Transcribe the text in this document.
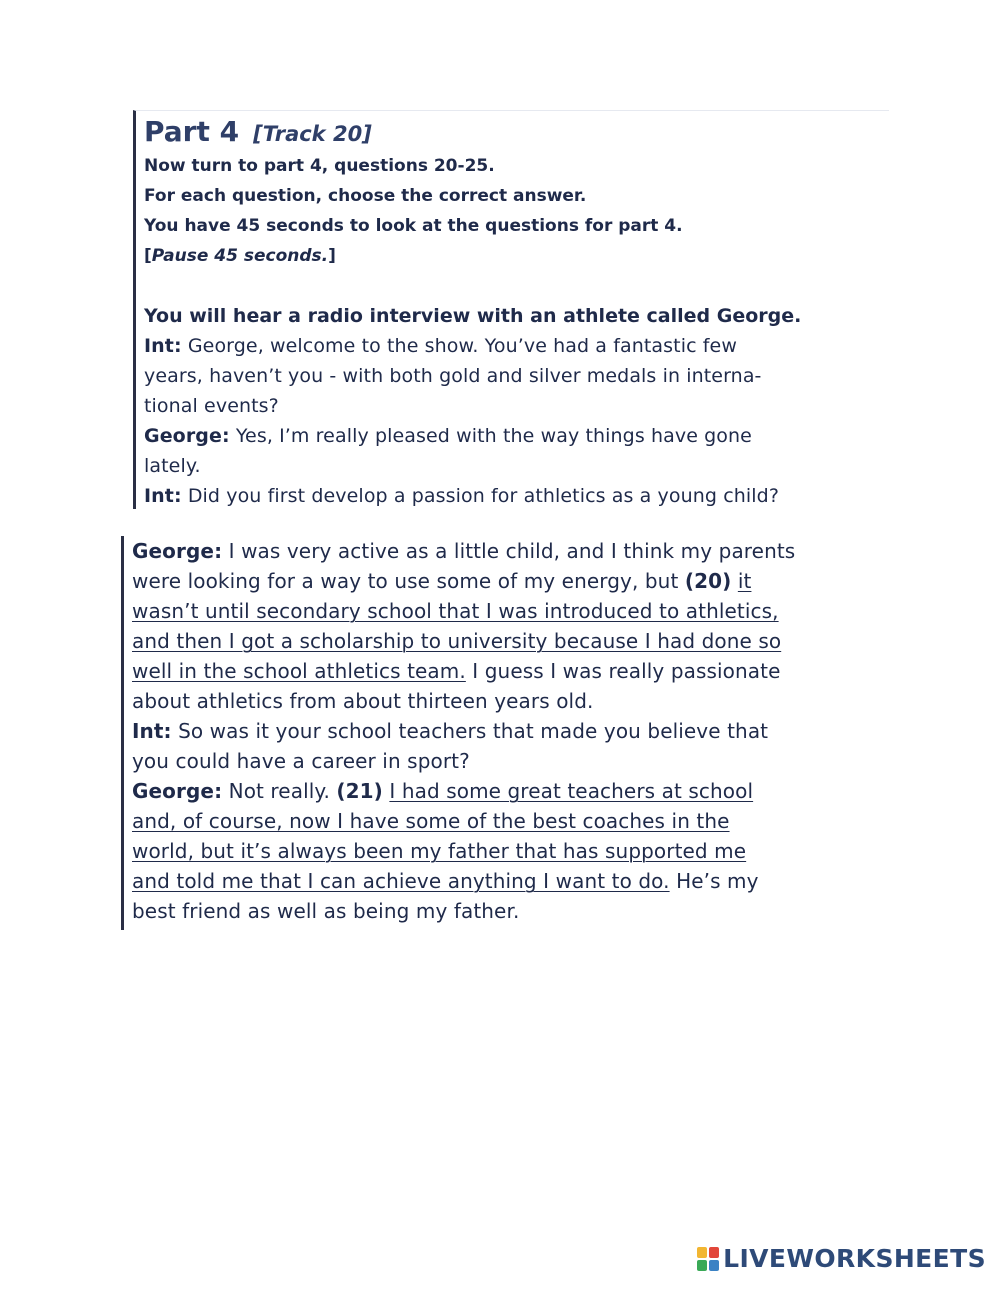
Part 4 [Track 20]
Now turn to part 4, questions 20-25.
For each question, choose the correct answer.
You have 45 seconds to look at the questions for part 4.
[Pause 45 seconds.]
You will hear a radio interview with an athlete called George.
Int: George, welcome to the show. You’ve had a fantastic few
years, haven’t you - with both gold and silver medals in interna-
tional events?
George: Yes, I’m really pleased with the way things have gone
lately.
Int: Did you first develop a passion for athletics as a young child?
George: I was very active as a little child, and I think my parents
were looking for a way to use some of my energy, but (20) it
wasn’t until secondary school that I was introduced to athletics,
and then I got a scholarship to university because I had done so
well in the school athletics team. I guess I was really passionate
about athletics from about thirteen years old.
Int: So was it your school teachers that made you believe that
you could have a career in sport?
George: Not really. (21) I had some great teachers at school
and, of course, now I have some of the best coaches in the
world, but it’s always been my father that has supported me
and told me that I can achieve anything I want to do. He’s my
best friend as well as being my father.
LIVEWORKSHEETS
